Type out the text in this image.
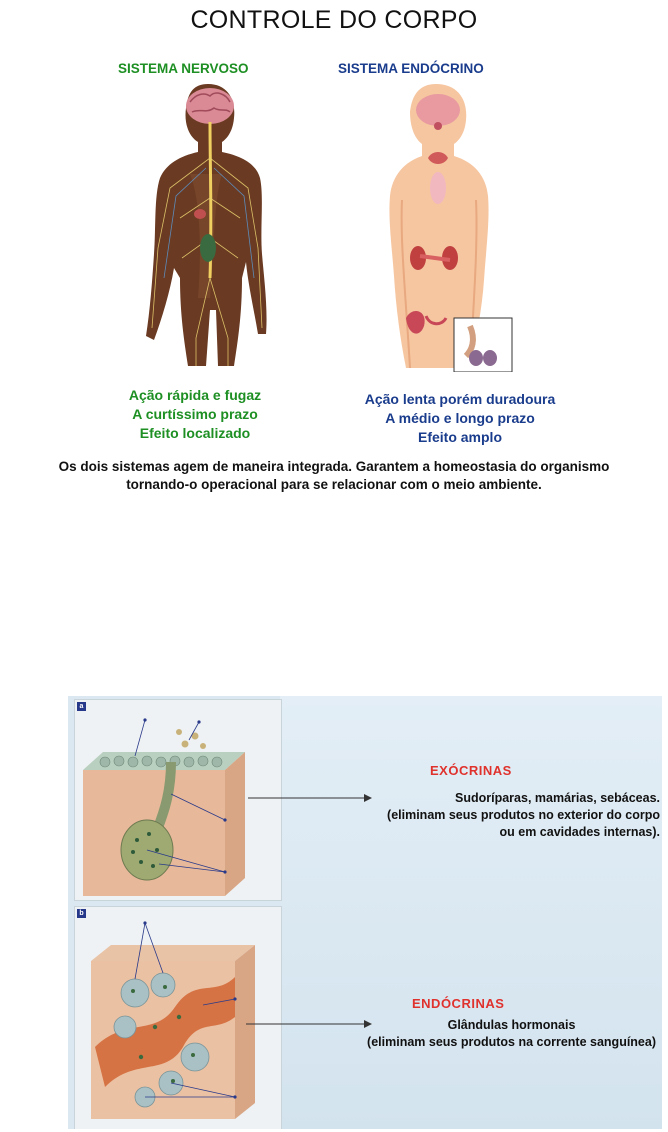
CONTROLE DO CORPO
SISTEMA NERVOSO	SISTEMA ENDÓCRINO
Ação rápida e fugaz
A curtíssimo prazo
Efeito localizado
Ação lenta porém duradoura
A médio e longo prazo
Efeito amplo
Os dois sistemas agem de maneira integrada. Garantem a homeostasia do organismo
tornando-o operacional para se relacionar com o meio ambiente.
a
b
EXÓCRINAS
Sudoríparas, mamárias, sebáceas.
(eliminam seus produtos no exterior do corpo
ou em cavidades internas).
ENDÓCRINAS
Glândulas hormonais
(eliminam seus produtos na corrente sanguínea)
